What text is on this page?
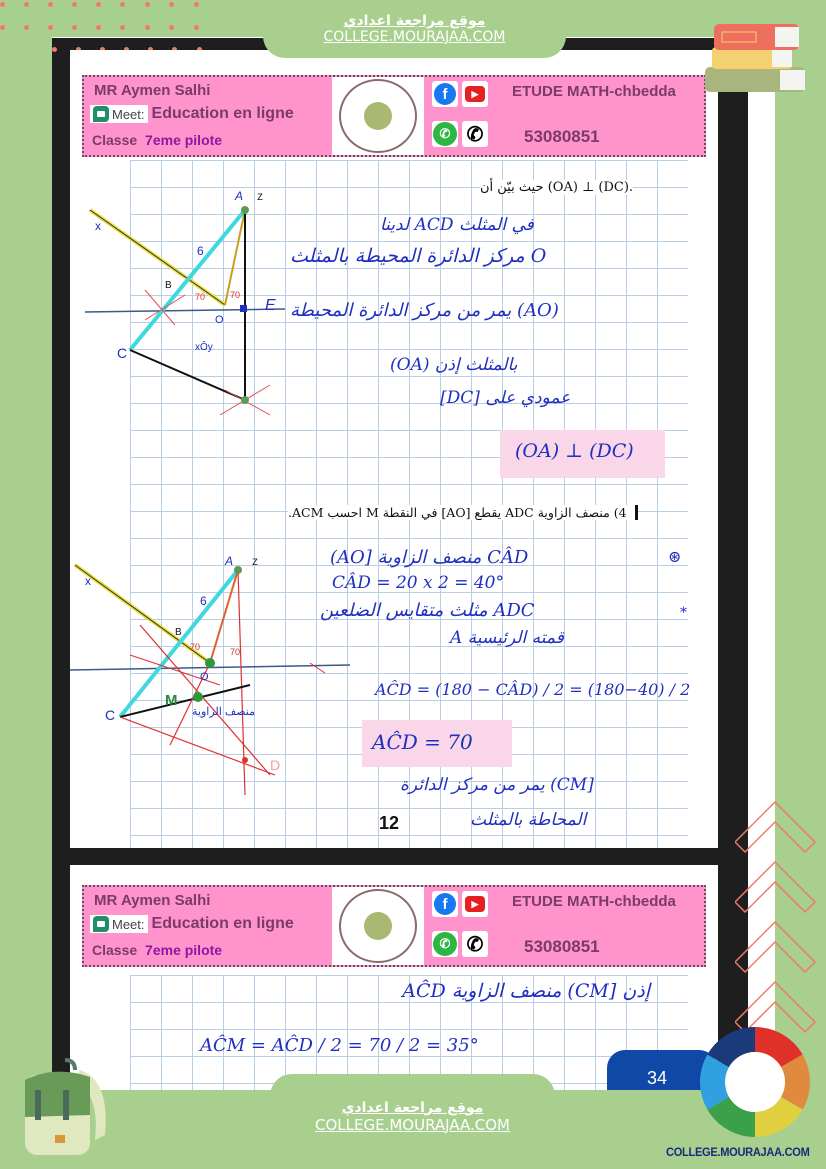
MR Aymen Salhi
Meet: Education en ligne
Classe 7eme pilote
f	▶
✆ ✆
ETUDE MATH-chbedda
53080851
A z
x
B
6
O
E
C
70	70
xÔy
حيث بيّن أن (OA) ⊥ (DC).
في المثلث ACD لدينا
O مركز الدائرة المحيطة بالمثلث
(AO) يمر من مركز الدائرة المحيطة
بالمثلث إذن (OA)
عمودي على [DC]
(OA) ⊥ (DC)
4) منصف الزاوية ADC يقطع [AO] في النقطة M احسب ACM.
A z
x
B
6
O
M
C
D
70	70
منصف الزاوية
CÂD منصف الزاوية [AO)
CÂD = 20 x 2 = 40°
ADC مثلث متقايس الضلعين
قمته الرئيسية A
AĈD = (180 − CÂD) / 2 = (180−40) / 2
⊛
*
AĈD = 70
[CM) يمر من مركز الدائرة
المحاطة بالمثلث
12
MR Aymen Salhi
Meet: Education en ligne
Classe 7eme pilote
f	▶
✆ ✆
ETUDE MATH-chbedda
53080851
إذن [CM) منصف الزاوية AĈD
AĈM = AĈD / 2 = 70 / 2 = 35°
34
موقع مراجعة اعدادي
COLLEGE.MOURAJAA.COM
موقع مراجعة اعدادي
COLLEGE.MOURAJAA.COM
COLLEGE.MOURAJAA.COM
